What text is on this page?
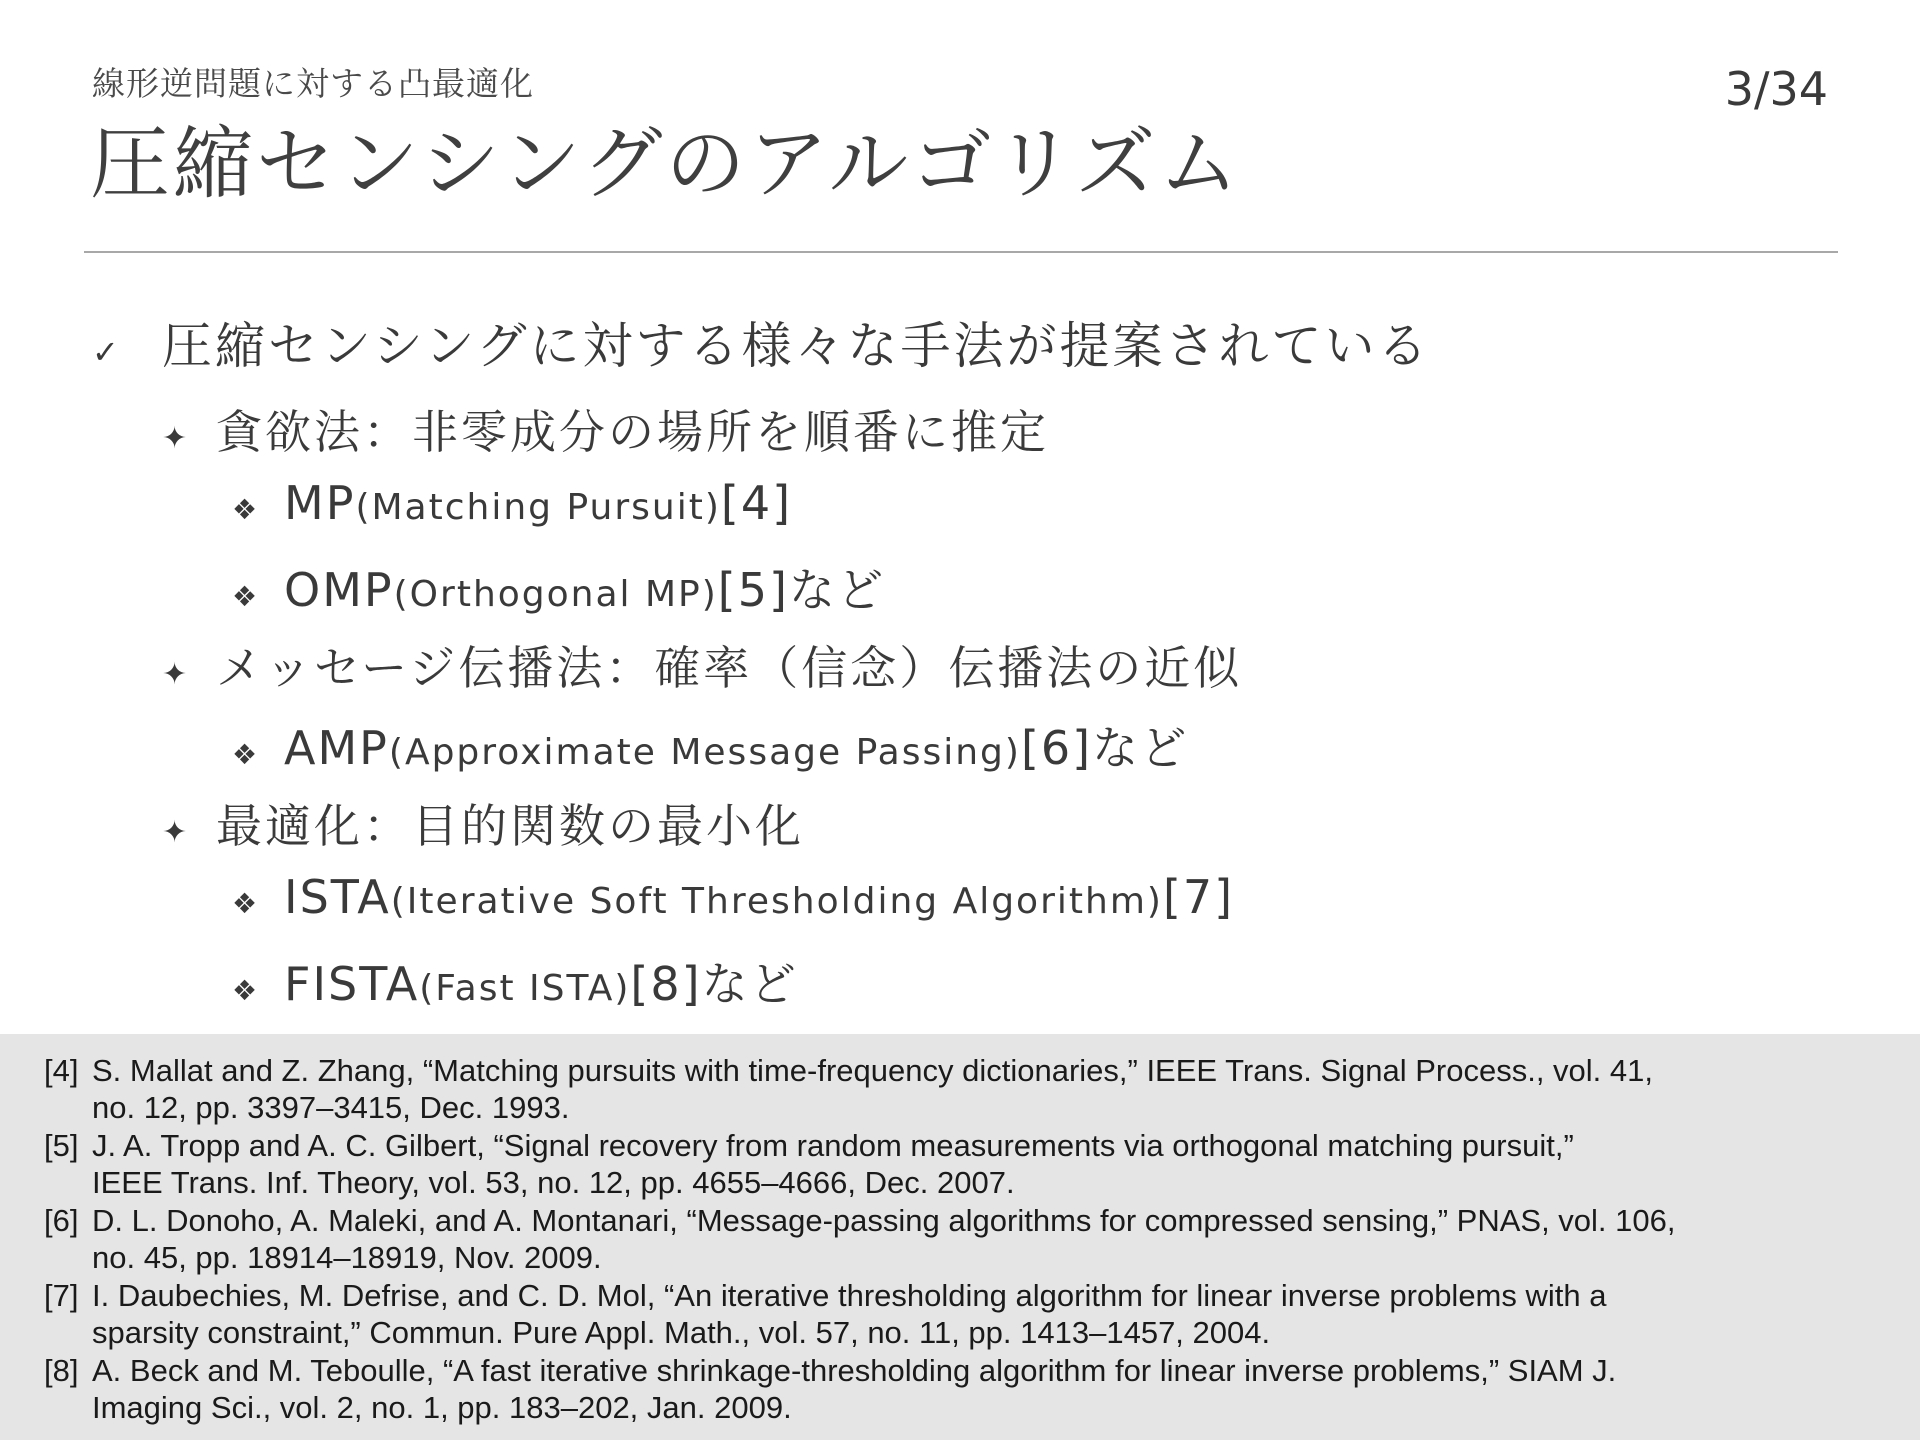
線形逆問題に対する凸最適化	3/34
圧縮センシングのアルゴリズム
✓ 圧縮センシングに対する様々な手法が提案されている
✦ 貪欲法：非零成分の場所を順番に推定
❖ MP (Matching Pursuit) [4]
❖ OMP (Orthogonal MP) [5] など
✦ メッセージ伝播法：確率（信念）伝播法の近似
❖ AMP (Approximate Message Passing) [6] など
✦ 最適化：目的関数の最小化
❖ ISTA (Iterative Soft Thresholding Algorithm) [7]
❖ FISTA (Fast ISTA) [8] など
[4] S. Mallat and Z. Zhang, “Matching pursuits with time-frequency dictionaries,” IEEE Trans. Signal Process., vol. 41,
no. 12, pp. 3397–3415, Dec. 1993.
[5] J. A. Tropp and A. C. Gilbert, “Signal recovery from random measurements via orthogonal matching pursuit,”
IEEE Trans. Inf. Theory, vol. 53, no. 12, pp. 4655–4666, Dec. 2007.
[6] D. L. Donoho, A. Maleki, and A. Montanari, “Message-passing algorithms for compressed sensing,” PNAS, vol. 106,
no. 45, pp. 18914–18919, Nov. 2009.
[7] I. Daubechies, M. Defrise, and C. D. Mol, “An iterative thresholding algorithm for linear inverse problems with a
sparsity constraint,” Commun. Pure Appl. Math., vol. 57, no. 11, pp. 1413–1457, 2004.
[8] A. Beck and M. Teboulle, “A fast iterative shrinkage-thresholding algorithm for linear inverse problems,” SIAM J.
Imaging Sci., vol. 2, no. 1, pp. 183–202, Jan. 2009.
